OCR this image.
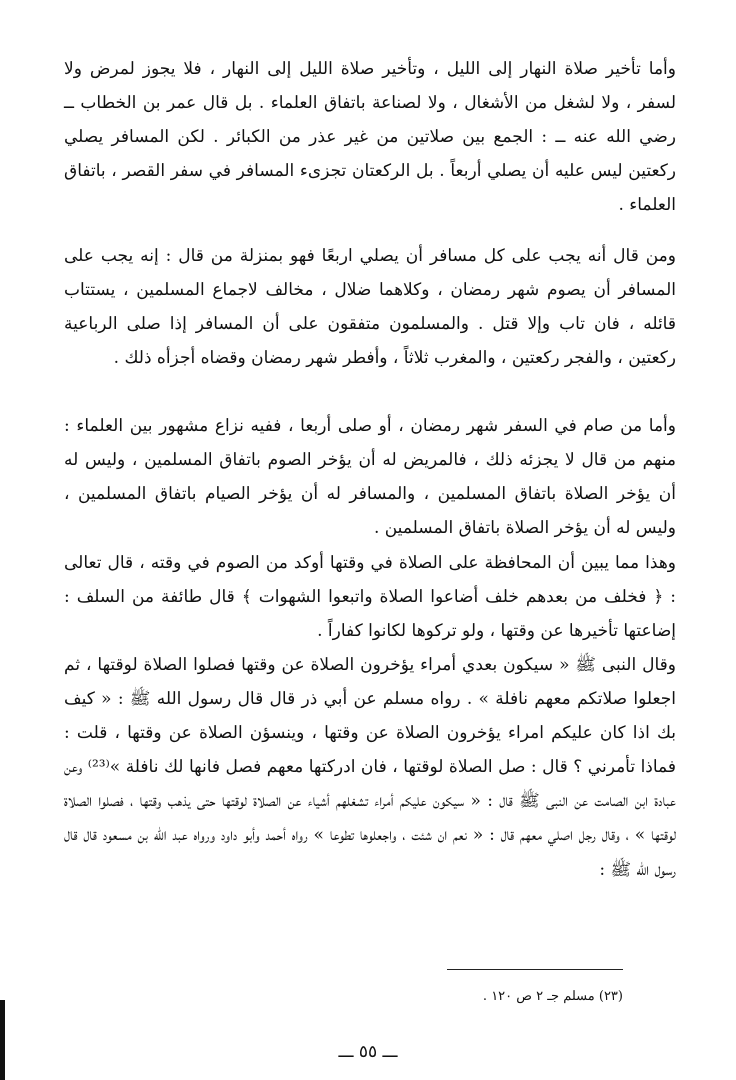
وأما تأخير صلاة النهار إلى الليل ، وتأخير صلاة الليل إلى النهار ، فلا يجوز لمرض ولا لسفر ، ولا لشغل من الأشغال ، ولا لصناعة باتفاق العلماء . بل قال عمر بن الخطاب ــ رضي الله عنه ــ : الجمع بين صلاتين من غير عذر من الكبائر . لكن المسافر يصلي ركعتين ليس عليه أن يصلي أربعاً . بل الركعتان تجزىء المسافر في سفر القصر ، باتفاق العلماء .

ومن قال أنه يجب على كل مسافر أن يصلي اربعًا فهو بمنزلة من قال : إنه يجب على المسافر أن يصوم شهر رمضان ، وكلاهما ضلال ، مخالف لاجماع المسلمين ، يستتاب قائله ، فان تاب وإلا قتل . والمسلمون متفقون على أن المسافر إذا صلى الرباعية ركعتين ، والفجر ركعتين ، والمغرب ثلاثاً ، وأفطر شهر رمضان وقضاه أجزأه ذلك .

وأما من صام في السفر شهر رمضان ، أو صلى أربعا ، ففيه نزاع مشهور بين العلماء : منهم من قال لا يجزئه ذلك ، فالمريض له أن يؤخر الصوم باتفاق المسلمين ، وليس له أن يؤخر الصلاة باتفاق المسلمين ، والمسافر له أن يؤخر الصيام باتفاق المسلمين ، وليس له أن يؤخر الصلاة باتفاق المسلمين .

وهذا مما يبين أن المحافظة على الصلاة في وقتها أوكد من الصوم في وقته ، قال تعالى : ﴿ فخلف من بعدهم خلف أضاعوا الصلاة واتبعوا الشهوات ﴾ قال طائفة من السلف : إضاعتها تأخيرها عن وقتها ، ولو تركوها لكانوا كفاراً .

وقال النبى ﷺ « سيكون بعدي أمراء يؤخرون الصلاة عن وقتها فصلوا الصلاة لوقتها ، ثم اجعلوا صلاتكم معهم نافلة » . رواه مسلم عن أبي ذر قال قال رسول الله ﷺ : « كيف بك اذا كان عليكم امراء يؤخرون الصلاة عن وقتها ، وينسؤن الصلاة عن وقتها ، قلت : فماذا تأمرني ؟ قال : صل الصلاة لوقتها ، فان ادركتها معهم فصل فانها لك نافلة »⁽²³⁾ وعن عبادة ابن الصامت عن النبى ﷺ قال : « سيكون عليكم أمراء تشغلهم أشياء عن الصلاة لوقتها حتى يذهب وقتها ، فصلوا الصلاة لوقتها » ، وقال رجل اصلي معهم قال : « نعم ان شئت ، واجعلوها تطوعا » رواه أحمد وأبو داود ورواه عبد الله بن مسعود قال قال رسول الله ﷺ :

(٢٣) مسلم جـ ٢ ص ١٢٠ .
ـــ ٥٥ ـــ
